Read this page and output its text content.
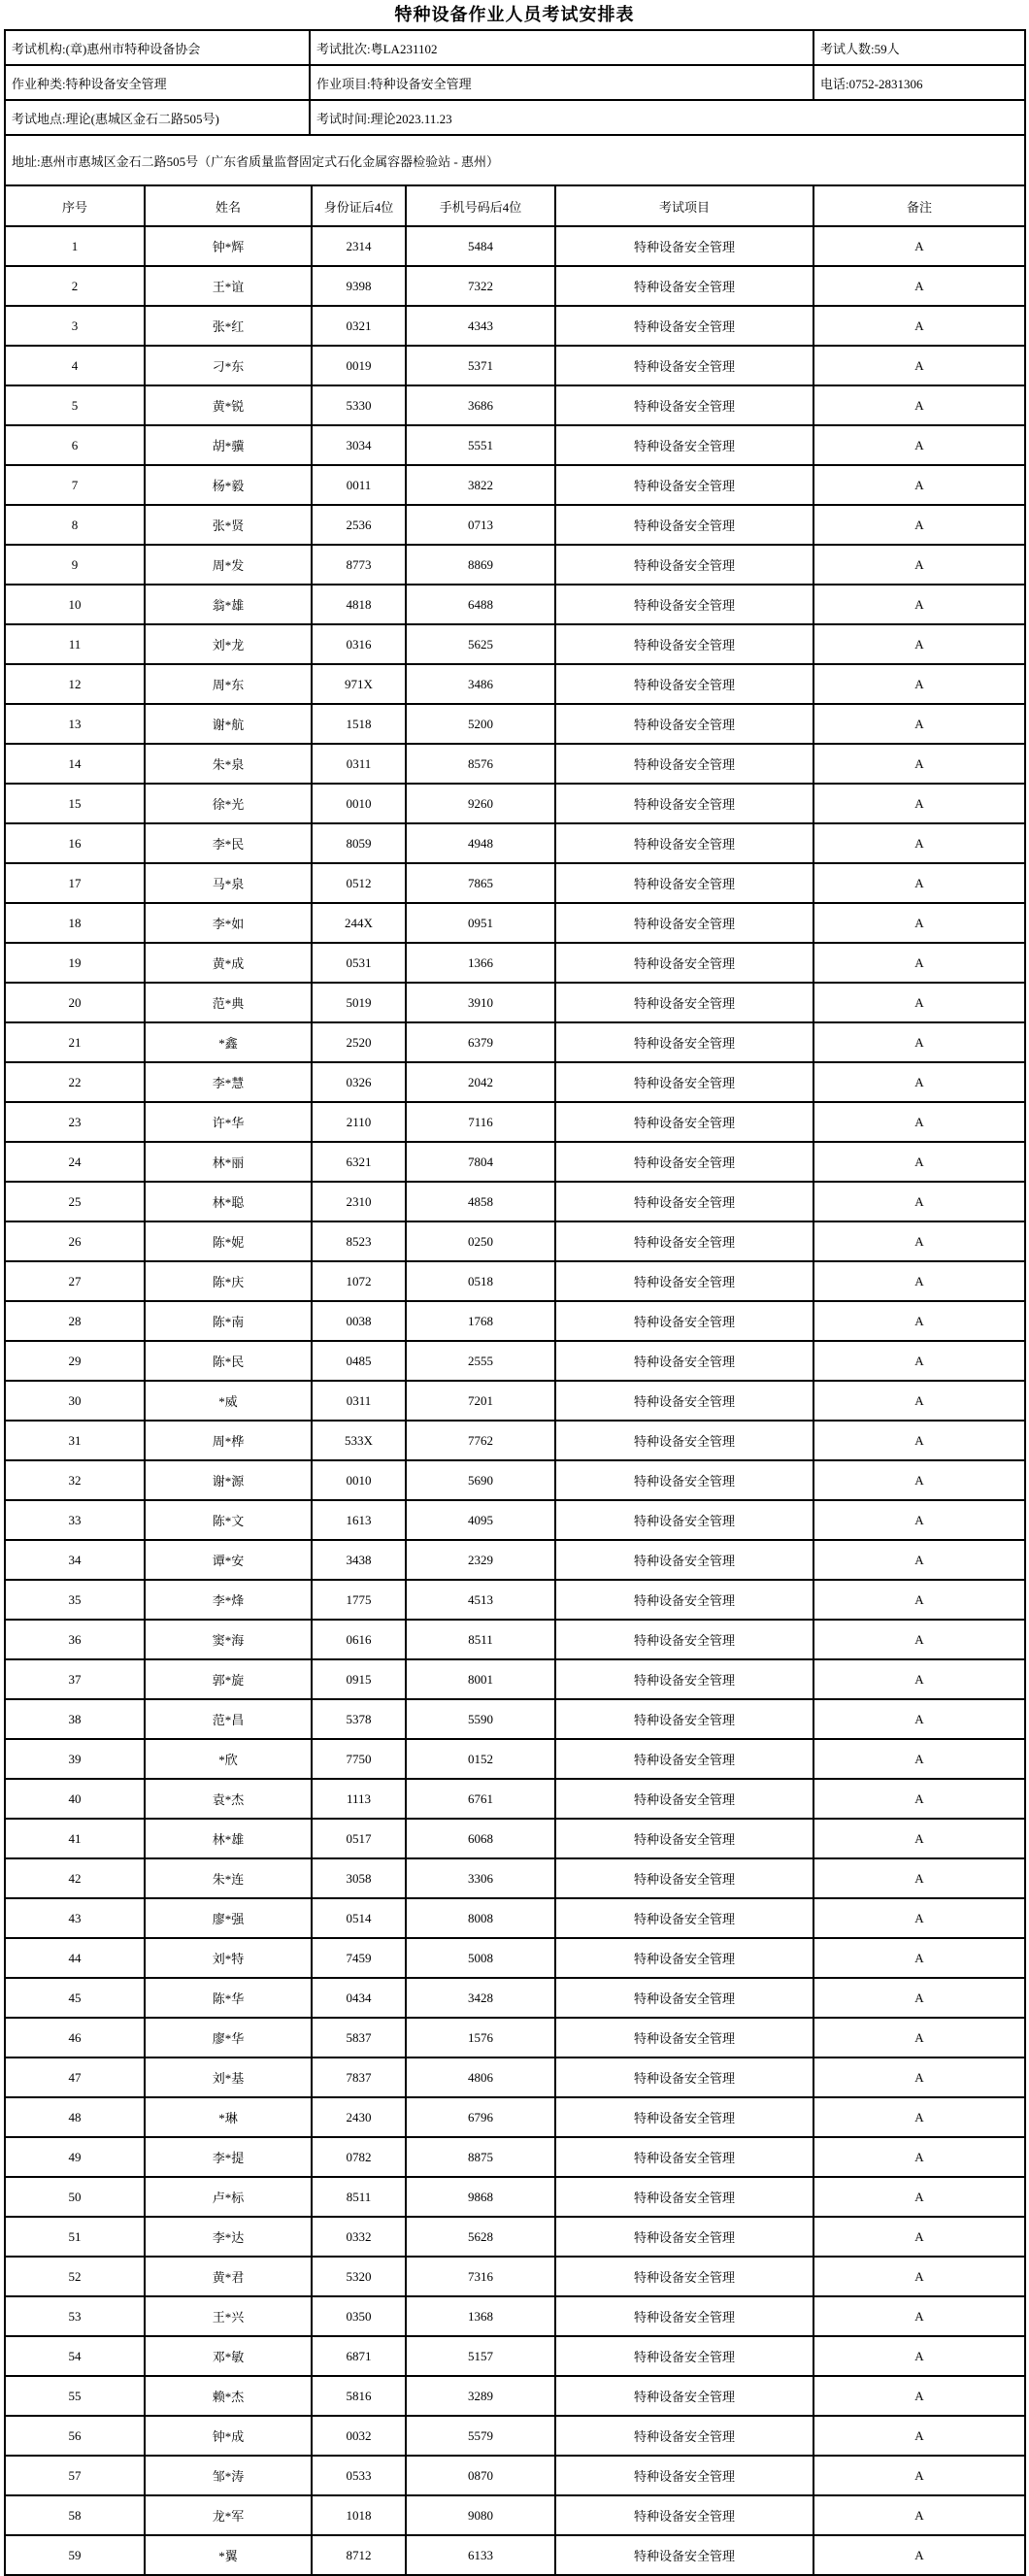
特种设备作业人员考试安排表
考试机构:(章)惠州市特种设备协会	考试批次:粤LA231102	考试人数:59人
作业种类:特种设备安全管理	作业项目:特种设备安全管理	电话:0752-2831306
考试地点:理论(惠城区金石二路505号)	考试时间:理论2023.11.23	
地址:惠州市惠城区金石二路505号（广东省质量监督固定式石化金属容器检验站 - 惠州）		
序号	姓名	身份证后4位	手机号码后4位	考试项目	备注
1	钟*辉	2314	5484	特种设备安全管理	A
2	王*谊	9398	7322	特种设备安全管理	A
3	张*红	0321	4343	特种设备安全管理	A
4	刁*东	0019	5371	特种设备安全管理	A
5	黄*锐	5330	3686	特种设备安全管理	A
6	胡*骥	3034	5551	特种设备安全管理	A
7	杨*毅	0011	3822	特种设备安全管理	A
8	张*贤	2536	0713	特种设备安全管理	A
9	周*发	8773	8869	特种设备安全管理	A
10	翁*雄	4818	6488	特种设备安全管理	A
11	刘*龙	0316	5625	特种设备安全管理	A
12	周*东	971X	3486	特种设备安全管理	A
13	谢*航	1518	5200	特种设备安全管理	A
14	朱*泉	0311	8576	特种设备安全管理	A
15	徐*光	0010	9260	特种设备安全管理	A
16	李*民	8059	4948	特种设备安全管理	A
17	马*泉	0512	7865	特种设备安全管理	A
18	李*如	244X	0951	特种设备安全管理	A
19	黄*成	0531	1366	特种设备安全管理	A
20	范*典	5019	3910	特种设备安全管理	A
21	*鑫	2520	6379	特种设备安全管理	A
22	李*慧	0326	2042	特种设备安全管理	A
23	许*华	2110	7116	特种设备安全管理	A
24	林*丽	6321	7804	特种设备安全管理	A
25	林*聪	2310	4858	特种设备安全管理	A
26	陈*妮	8523	0250	特种设备安全管理	A
27	陈*庆	1072	0518	特种设备安全管理	A
28	陈*南	0038	1768	特种设备安全管理	A
29	陈*民	0485	2555	特种设备安全管理	A
30	*威	0311	7201	特种设备安全管理	A
31	周*桦	533X	7762	特种设备安全管理	A
32	谢*源	0010	5690	特种设备安全管理	A
33	陈*文	1613	4095	特种设备安全管理	A
34	谭*安	3438	2329	特种设备安全管理	A
35	李*烽	1775	4513	特种设备安全管理	A
36	窦*海	0616	8511	特种设备安全管理	A
37	郭*旋	0915	8001	特种设备安全管理	A
38	范*昌	5378	5590	特种设备安全管理	A
39	*欣	7750	0152	特种设备安全管理	A
40	袁*杰	1113	6761	特种设备安全管理	A
41	林*雄	0517	6068	特种设备安全管理	A
42	朱*连	3058	3306	特种设备安全管理	A
43	廖*强	0514	8008	特种设备安全管理	A
44	刘*特	7459	5008	特种设备安全管理	A
45	陈*华	0434	3428	特种设备安全管理	A
46	廖*华	5837	1576	特种设备安全管理	A
47	刘*基	7837	4806	特种设备安全管理	A
48	*琳	2430	6796	特种设备安全管理	A
49	李*提	0782	8875	特种设备安全管理	A
50	卢*标	8511	9868	特种设备安全管理	A
51	李*达	0332	5628	特种设备安全管理	A
52	黄*君	5320	7316	特种设备安全管理	A
53	王*兴	0350	1368	特种设备安全管理	A
54	邓*敏	6871	5157	特种设备安全管理	A
55	赖*杰	5816	3289	特种设备安全管理	A
56	钟*成	0032	5579	特种设备安全管理	A
57	邹*涛	0533	0870	特种设备安全管理	A
58	龙*军	1018	9080	特种设备安全管理	A
59	*翼	8712	6133	特种设备安全管理	A
